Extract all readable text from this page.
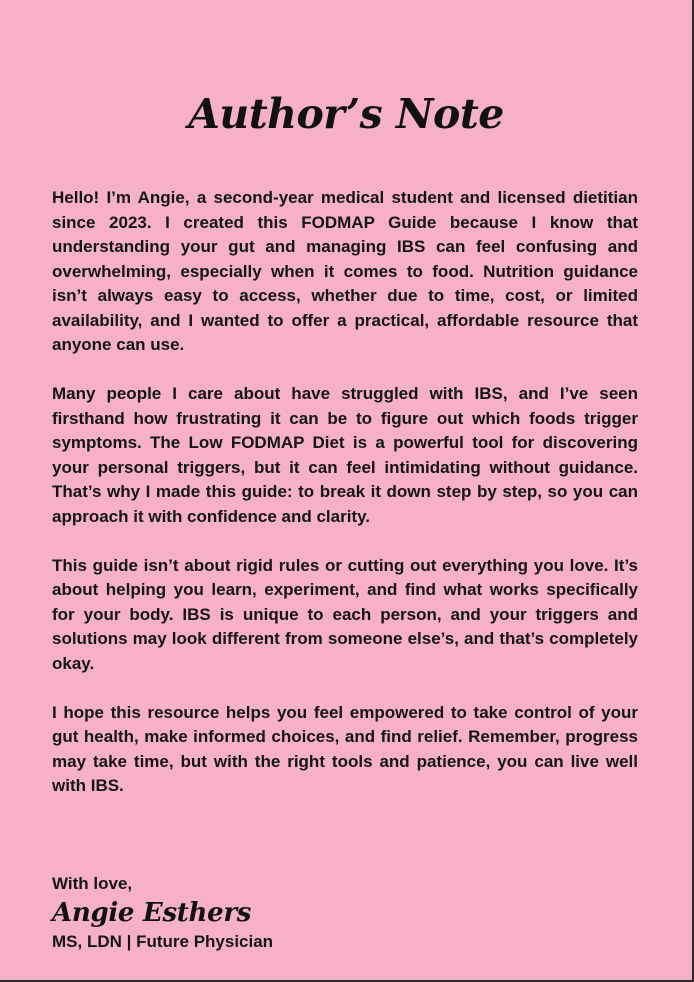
Author’s Note

Hello! I’m Angie, a second-year medical student and licensed dietitian since 2023. I created this FODMAP Guide because I know that understanding your gut and managing IBS can feel confusing and overwhelming, especially when it comes to food. Nutrition guidance isn’t always easy to access, whether due to time, cost, or limited availability, and I wanted to offer a practical, affordable resource that anyone can use.

Many people I care about have struggled with IBS, and I’ve seen firsthand how frustrating it can be to figure out which foods trigger symptoms. The Low FODMAP Diet is a powerful tool for discovering your personal triggers, but it can feel intimidating without guidance. That’s why I made this guide: to break it down step by step, so you can approach it with confidence and clarity.

This guide isn’t about rigid rules or cutting out everything you love. It’s about helping you learn, experiment, and find what works specifically for your body. IBS is unique to each person, and your triggers and solutions may look different from someone else’s, and that’s completely okay.

I hope this resource helps you feel empowered to take control of your gut health, make informed choices, and find relief. Remember, progress may take time, but with the right tools and patience, you can live well with IBS.

With love,

Angie Esthers

MS, LDN | Future Physician
